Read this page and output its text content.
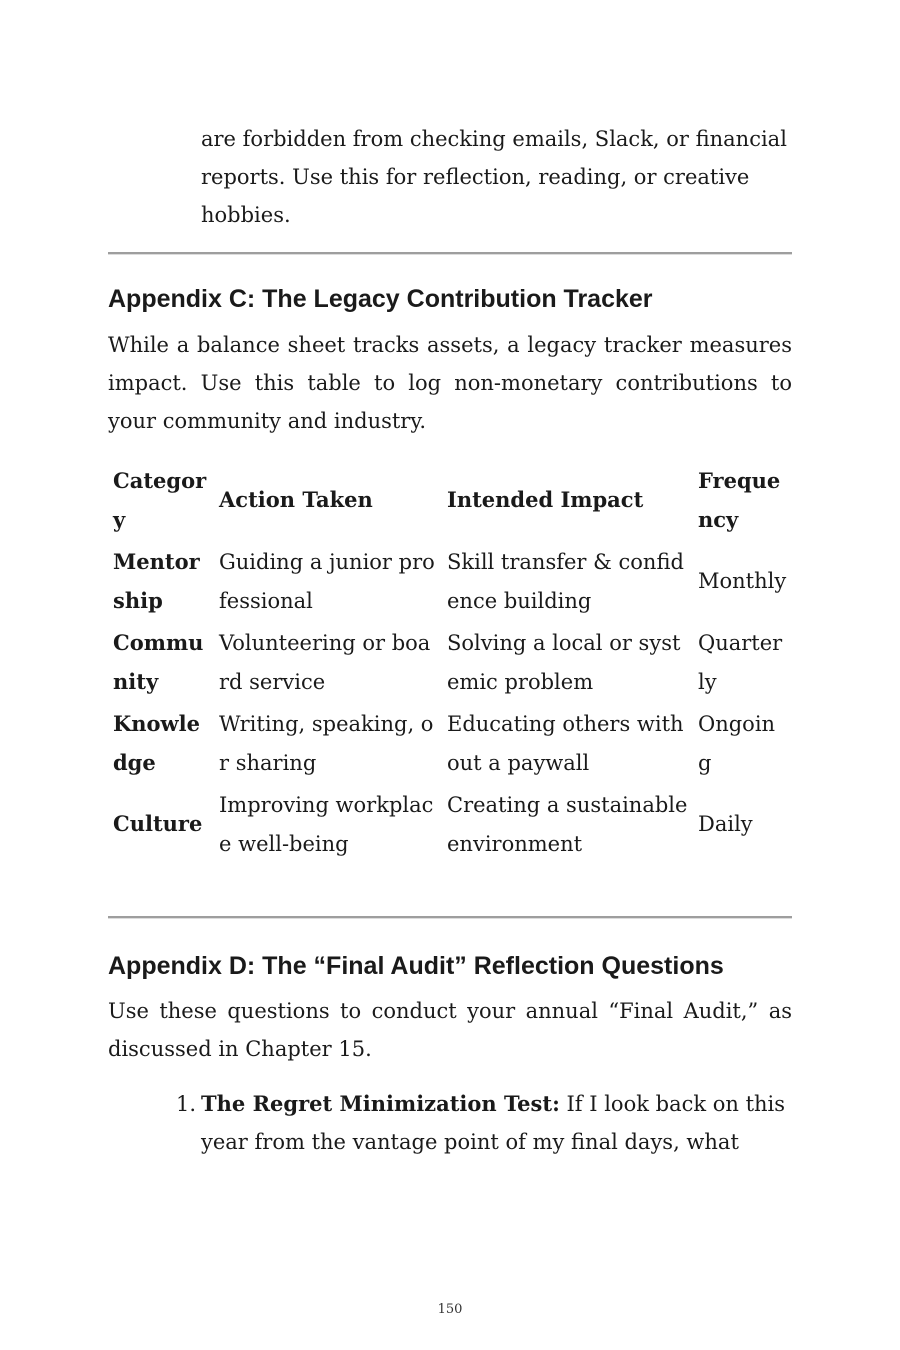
are forbidden from checking emails, Slack, or financial reports. Use this for reflection, reading, or creative hobbies.

Appendix C: The Legacy Contribution Tracker

While a balance sheet tracks assets, a legacy tracker measures impact. Use this table to log non-monetary contributions to your community and industry.

Category	Action Taken	Intended Impact	Frequency
Mentorship	Guiding a junior professional	Skill transfer & confidence building	Monthly
Community	Volunteering or board service	Solving a local or systemic problem	Quarterly
Knowledge	Writing, speaking, or sharing	Educating others without a paywall	Ongoing
Culture	Improving workplace well-being	Creating a sustainable environment	Daily
Appendix D: The “Final Audit” Reflection Questions

Use these questions to conduct your annual “Final Audit,” as discussed in Chapter 15.

1. The Regret Minimization Test: If I look back on this year from the vantage point of my final days, what
150
